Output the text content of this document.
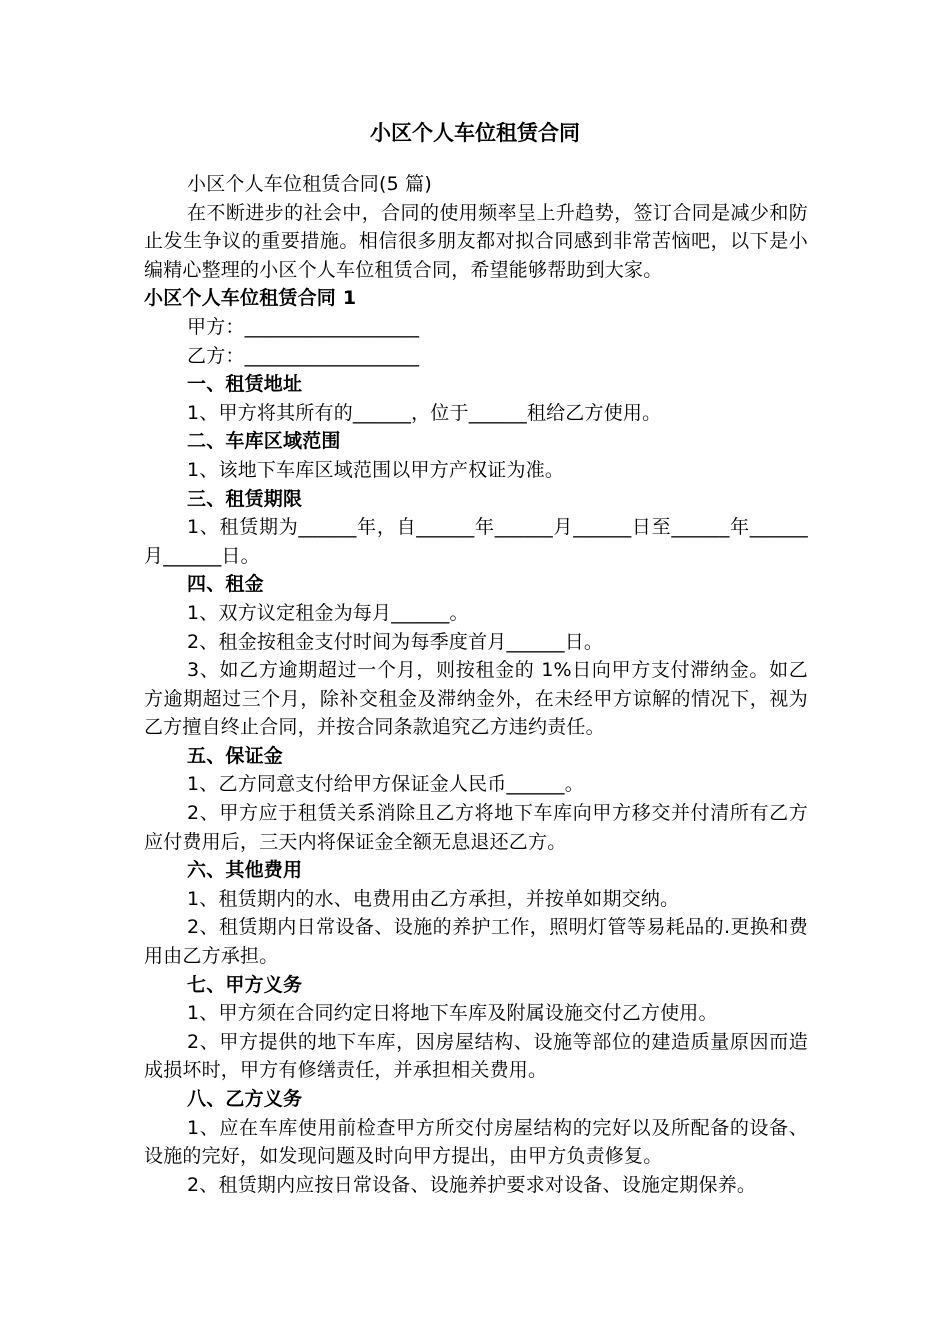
小区个人车位租赁合同

小区个人车位租赁合同(5 篇)

在不断进步的社会中，合同的使用频率呈上升趋势，签订合同是减少和防止发生争议的重要措施。相信很多朋友都对拟合同感到非常苦恼吧，以下是小编精心整理的小区个人车位租赁合同，希望能够帮助到大家。

小区个人车位租赁合同 1

甲方：__________________

乙方：__________________

一、租赁地址

1、甲方将其所有的______，位于______租给乙方使用。

二、车库区域范围

1、该地下车库区域范围以甲方产权证为准。

三、租赁期限

1、租赁期为______年，自______年______月______日至______年______月______日。

四、租金

1、双方议定租金为每月______。

2、租金按租金支付时间为每季度首月______日。

3、如乙方逾期超过一个月，则按租金的 1%日向甲方支付滞纳金。如乙方逾期超过三个月，除补交租金及滞纳金外，在未经甲方谅解的情况下，视为乙方擅自终止合同，并按合同条款追究乙方违约责任。

五、保证金

1、乙方同意支付给甲方保证金人民币______。

2、甲方应于租赁关系消除且乙方将地下车库向甲方移交并付清所有乙方应付费用后，三天内将保证金全额无息退还乙方。

六、其他费用

1、租赁期内的水、电费用由乙方承担，并按单如期交纳。

2、租赁期内日常设备、设施的养护工作，照明灯管等易耗品的.更换和费用由乙方承担。

七、甲方义务

1、甲方须在合同约定日将地下车库及附属设施交付乙方使用。

2、甲方提供的地下车库，因房屋结构、设施等部位的建造质量原因而造成损坏时，甲方有修缮责任，并承担相关费用。

八、乙方义务

1、应在车库使用前检查甲方所交付房屋结构的完好以及所配备的设备、设施的完好，如发现问题及时向甲方提出，由甲方负责修复。

2、租赁期内应按日常设备、设施养护要求对设备、设施定期保养。
